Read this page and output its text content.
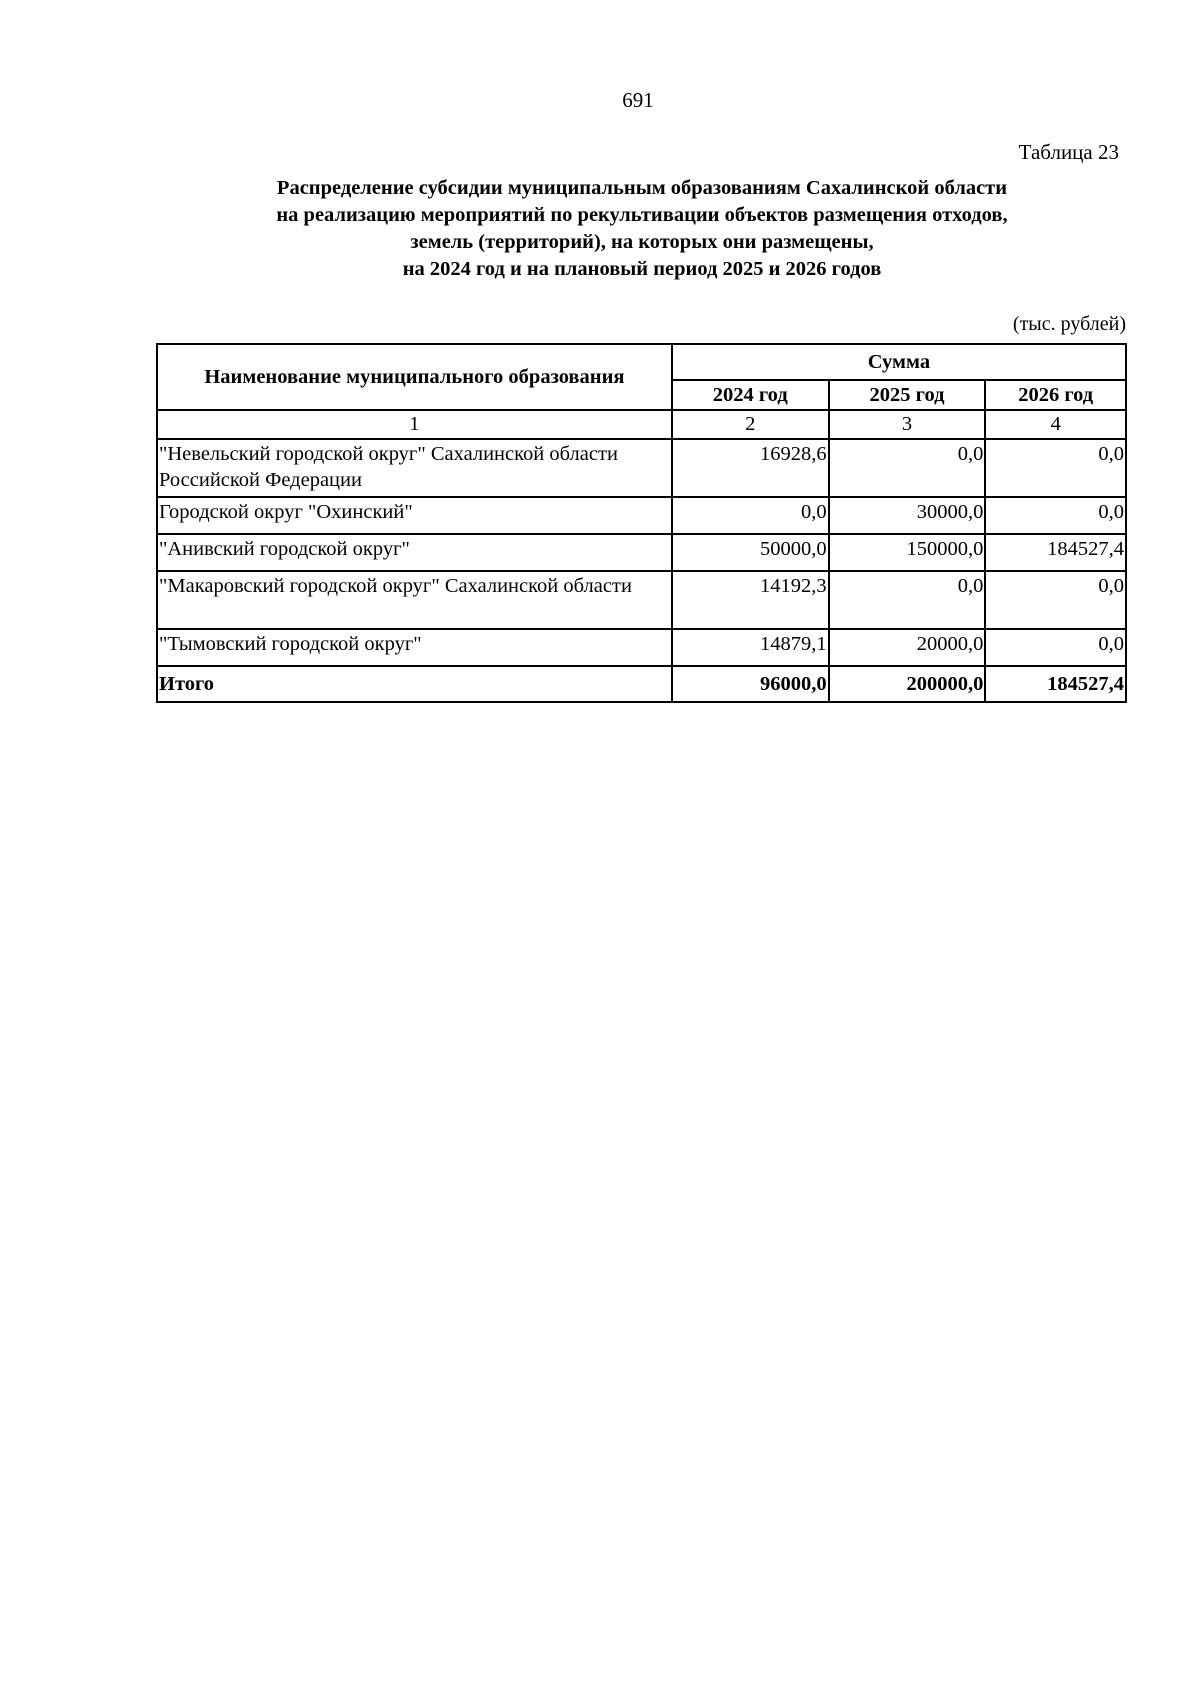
691
Таблица 23
Распределение субсидии муниципальным образованиям Сахалинской области
на реализацию мероприятий по рекультивации объектов размещения отходов,
земель (территорий), на которых они размещены,
на 2024 год и на плановый период 2025 и 2026 годов
(тыс. рублей)
Наименование муниципального образования	Сумма		
	2024 год	2025 год	2026 год
1	2	3	4
"Невельский городской округ" Сахалинской области Российской Федерации	16928,6	0,0	0,0
Городской округ "Охинский"	0,0	30000,0	0,0
"Анивский городской округ"	50000,0	150000,0	184527,4
"Макаровский городской округ" Сахалинской области	14192,3	0,0	0,0
"Тымовский городской округ"	14879,1	20000,0	0,0
Итого	96000,0	200000,0	184527,4
